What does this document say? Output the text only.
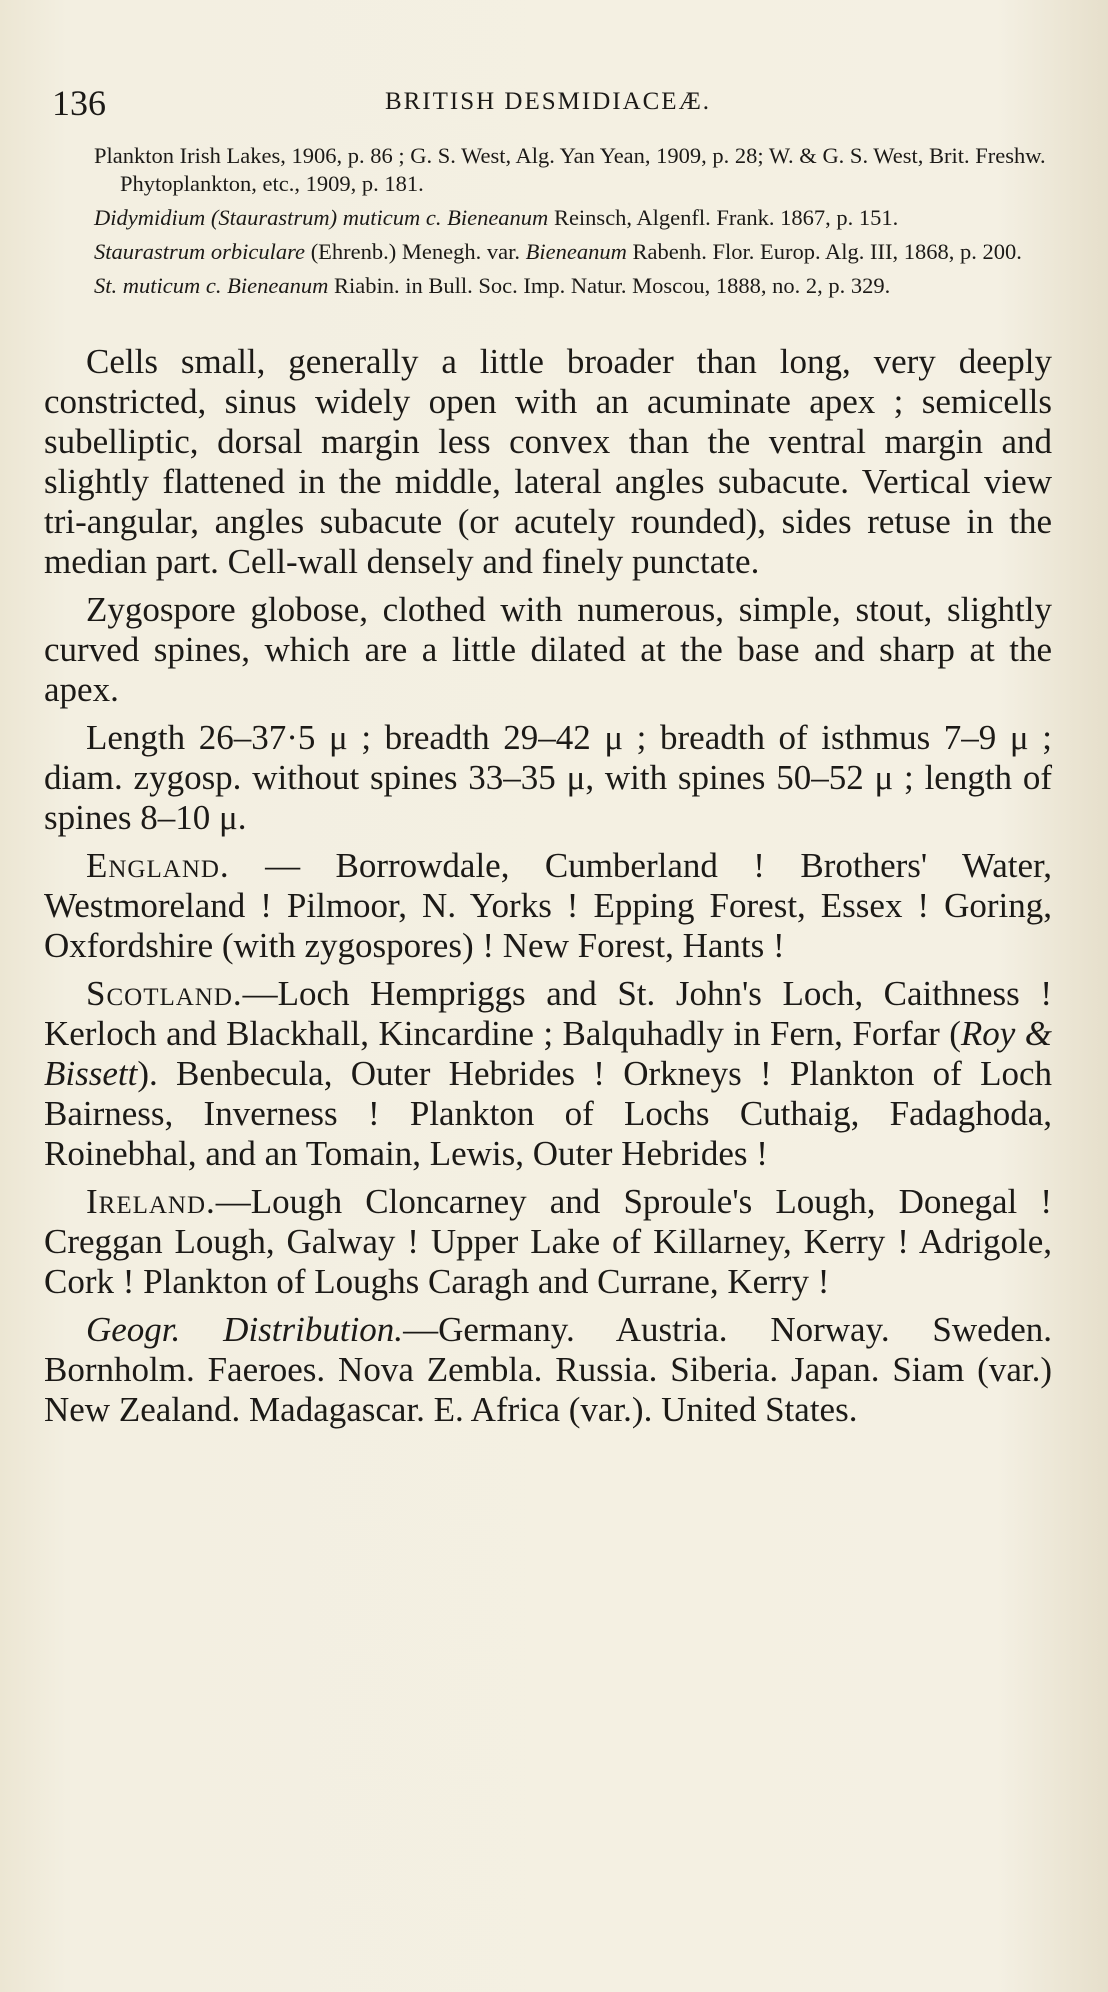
136	BRITISH DESMIDIACEÆ.

Plankton Irish Lakes, 1906, p. 86 ; G. S. West, Alg. Yan Yean, 1909, p. 28; W. & G. S. West, Brit. Freshw. Phytoplankton, etc., 1909, p. 181.

Didymidium (Staurastrum) muticum c. Bieneanum Reinsch, Algenfl. Frank. 1867, p. 151.

Staurastrum orbiculare (Ehrenb.) Menegh. var. Bieneanum Rabenh. Flor. Europ. Alg. III, 1868, p. 200.

St. muticum c. Bieneanum Riabin. in Bull. Soc. Imp. Natur. Moscou, 1888, no. 2, p. 329.

Cells small, generally a little broader than long, very deeply constricted, sinus widely open with an acuminate apex ; semicells subelliptic, dorsal margin less convex than the ventral margin and slightly flattened in the middle, lateral angles subacute. Vertical view tri-angular, angles subacute (or acutely rounded), sides retuse in the median part. Cell-wall densely and finely punctate.

Zygospore globose, clothed with numerous, simple, stout, slightly curved spines, which are a little dilated at the base and sharp at the apex.

Length 26–37·5 μ ; breadth 29–42 μ ; breadth of isthmus 7–9 μ ; diam. zygosp. without spines 33–35 μ, with spines 50–52 μ ; length of spines 8–10 μ.

England. — Borrowdale, Cumberland ! Brothers' Water, Westmoreland ! Pilmoor, N. Yorks ! Epping Forest, Essex ! Goring, Oxfordshire (with zygospores) ! New Forest, Hants !

Scotland.—Loch Hempriggs and St. John's Loch, Caithness ! Kerloch and Blackhall, Kincardine ; Balquhadly in Fern, Forfar (Roy & Bissett). Benbecula, Outer Hebrides ! Orkneys ! Plankton of Loch Bairness, Inverness ! Plankton of Lochs Cuthaig, Fadaghoda, Roinebhal, and an Tomain, Lewis, Outer Hebrides !

Ireland.—Lough Cloncarney and Sproule's Lough, Donegal ! Creggan Lough, Galway ! Upper Lake of Killarney, Kerry ! Adrigole, Cork ! Plankton of Loughs Caragh and Currane, Kerry !

Geogr. Distribution.—Germany. Austria. Norway. Sweden. Bornholm. Faeroes. Nova Zembla. Russia. Siberia. Japan. Siam (var.) New Zealand. Madagascar. E. Africa (var.). United States.
